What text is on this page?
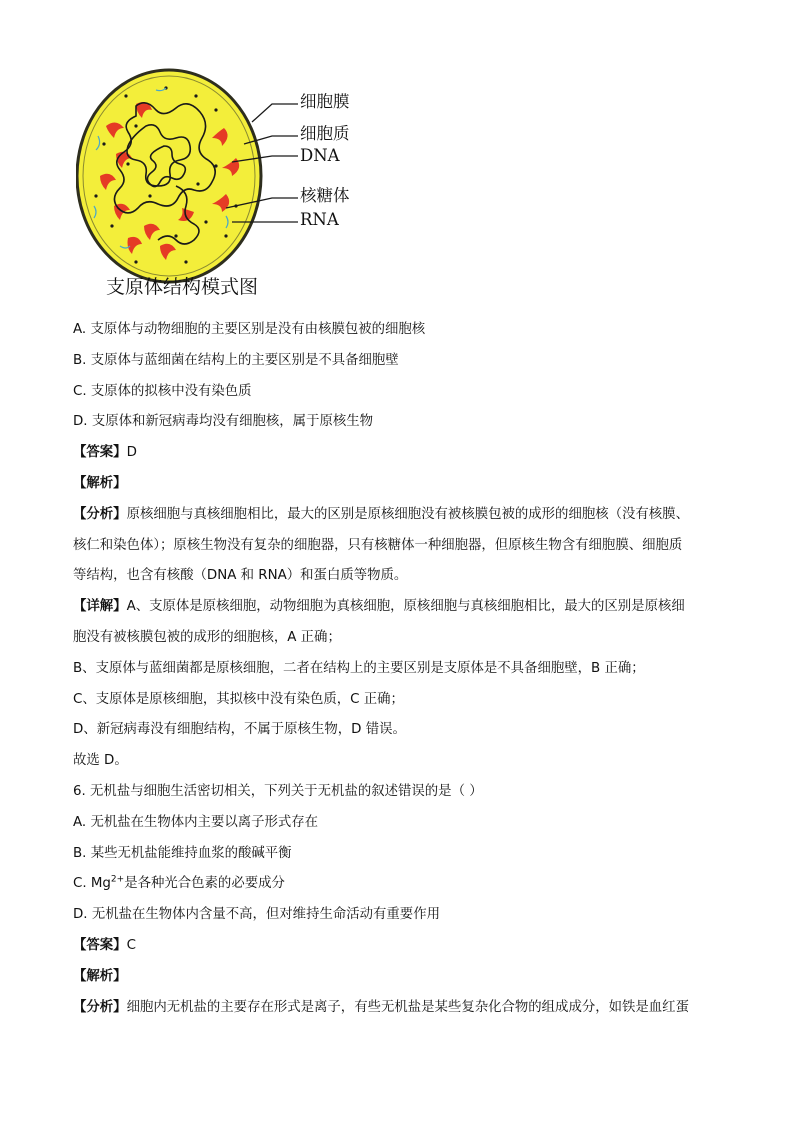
细胞膜
细胞质
DNA
核糖体
RNA
支原体结构模式图
A. 支原体与动物细胞的主要区别是没有由核膜包被的细胞核
B. 支原体与蓝细菌在结构上的主要区别是不具备细胞壁
C. 支原体的拟核中没有染色质
D. 支原体和新冠病毒均没有细胞核，属于原核生物
【答案】D
【解析】
【分析】原核细胞与真核细胞相比，最大的区别是原核细胞没有被核膜包被的成形的细胞核（没有核膜、
核仁和染色体）；原核生物没有复杂的细胞器，只有核糖体一种细胞器，但原核生物含有细胞膜、细胞质
等结构，也含有核酸（DNA 和 RNA）和蛋白质等物质。
【详解】A、支原体是原核细胞，动物细胞为真核细胞，原核细胞与真核细胞相比，最大的区别是原核细
胞没有被核膜包被的成形的细胞核，A 正确；
B、支原体与蓝细菌都是原核细胞，二者在结构上的主要区别是支原体是不具备细胞壁，B 正确；
C、支原体是原核细胞，其拟核中没有染色质，C 正确；
D、新冠病毒没有细胞结构，不属于原核生物，D 错误。
故选 D。
6. 无机盐与细胞生活密切相关，下列关于无机盐的叙述错误的是（ ）
A. 无机盐在生物体内主要以离子形式存在
B. 某些无机盐能维持血浆的酸碱平衡
C. $Mg^{2+}$是各种光合色素的必要成分
D. 无机盐在生物体内含量不高，但对维持生命活动有重要作用
【答案】C
【解析】
【分析】细胞内无机盐的主要存在形式是离子，有些无机盐是某些复杂化合物的组成成分，如铁是血红蛋
